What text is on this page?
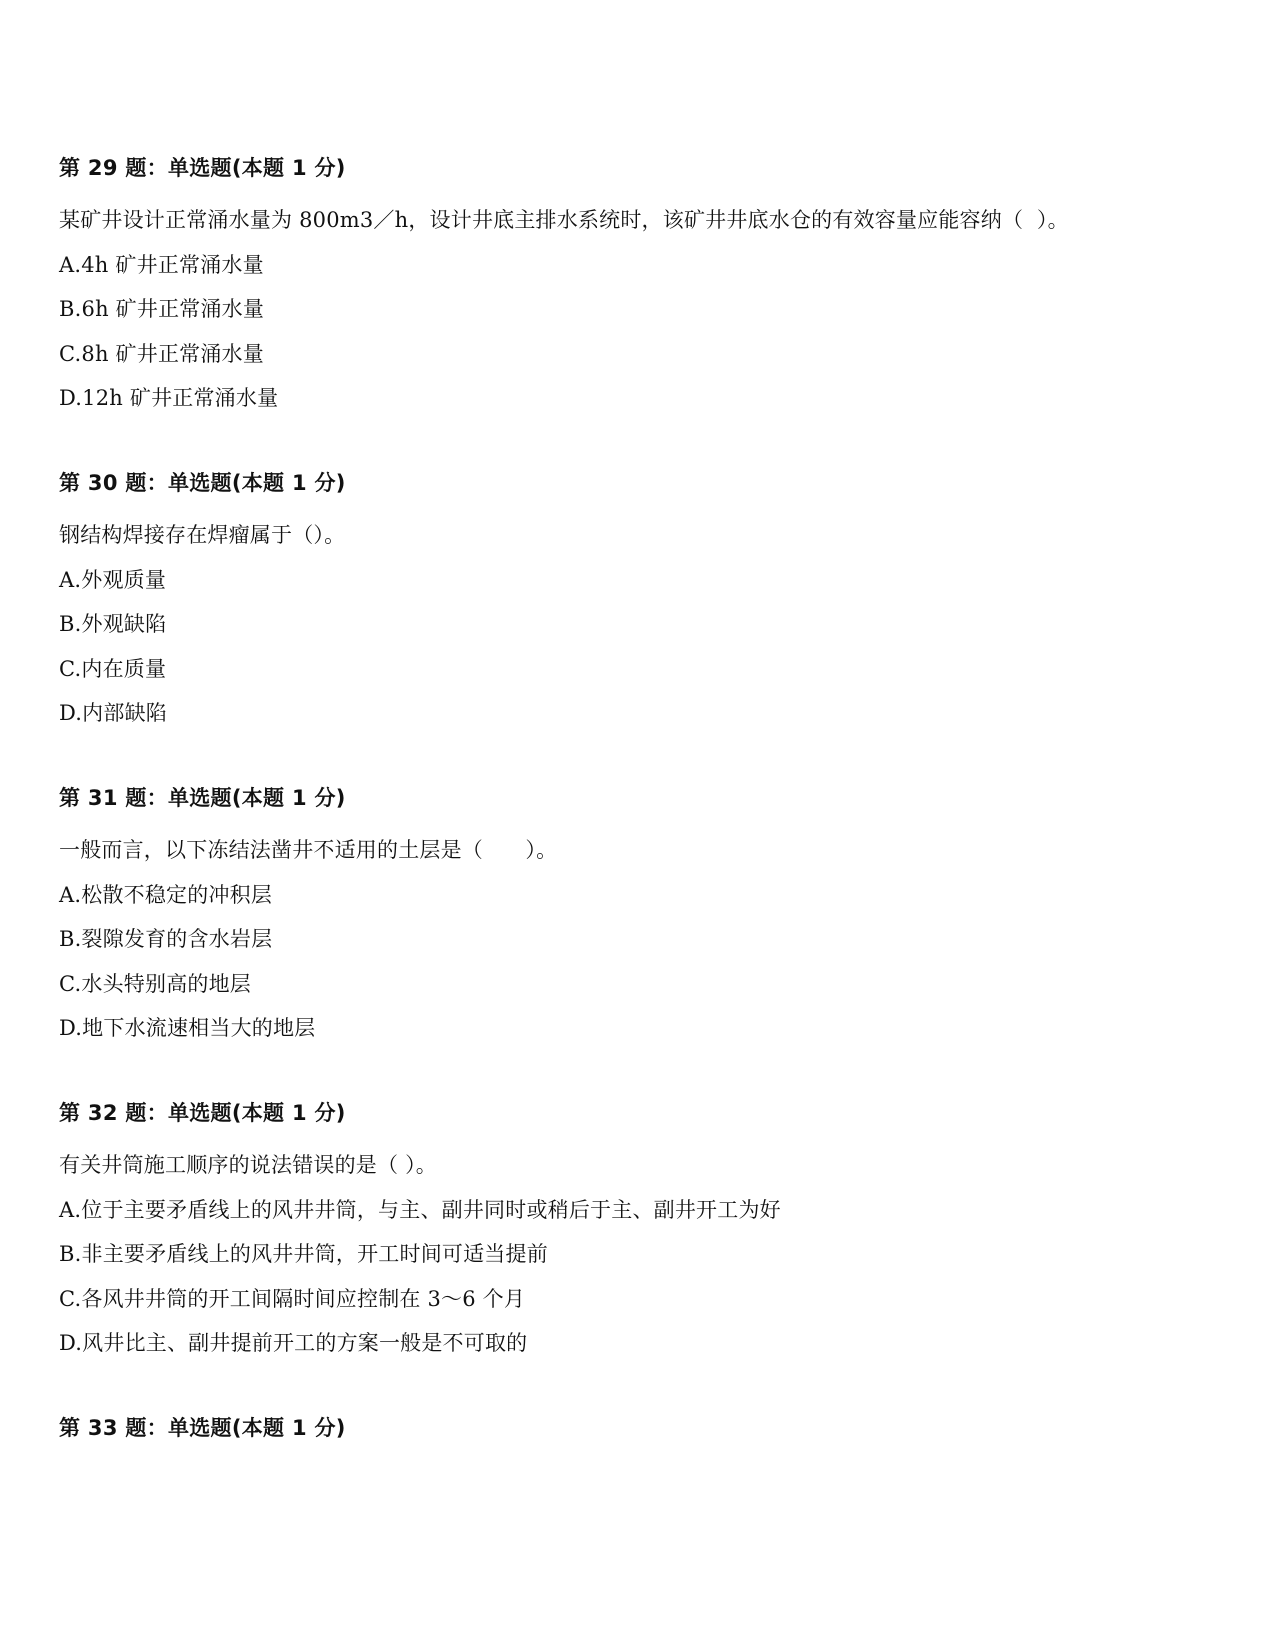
第 29 题：单选题(本题 1 分)
某矿井设计正常涌水量为 800m3／h，设计井底主排水系统时，该矿井井底水仓的有效容量应能容纳（  ）。
A.4h 矿井正常涌水量
B.6h 矿井正常涌水量
C.8h 矿井正常涌水量
D.12h 矿井正常涌水量
第 30 题：单选题(本题 1 分)
钢结构焊接存在焊瘤属于（）。
A.外观质量
B.外观缺陷
C.内在质量
D.内部缺陷
第 31 题：单选题(本题 1 分)
一般而言，以下冻结法凿井不适用的土层是（　　）。
A.松散不稳定的冲积层
B.裂隙发育的含水岩层
C.水头特别高的地层
D.地下水流速相当大的地层
第 32 题：单选题(本题 1 分)
有关井筒施工顺序的说法错误的是（ ）。
A.位于主要矛盾线上的风井井筒，与主、副井同时或稍后于主、副井开工为好
B.非主要矛盾线上的风井井筒，开工时间可适当提前
C.各风井井筒的开工间隔时间应控制在 3～6 个月
D.风井比主、副井提前开工的方案一般是不可取的
第 33 题：单选题(本题 1 分)
